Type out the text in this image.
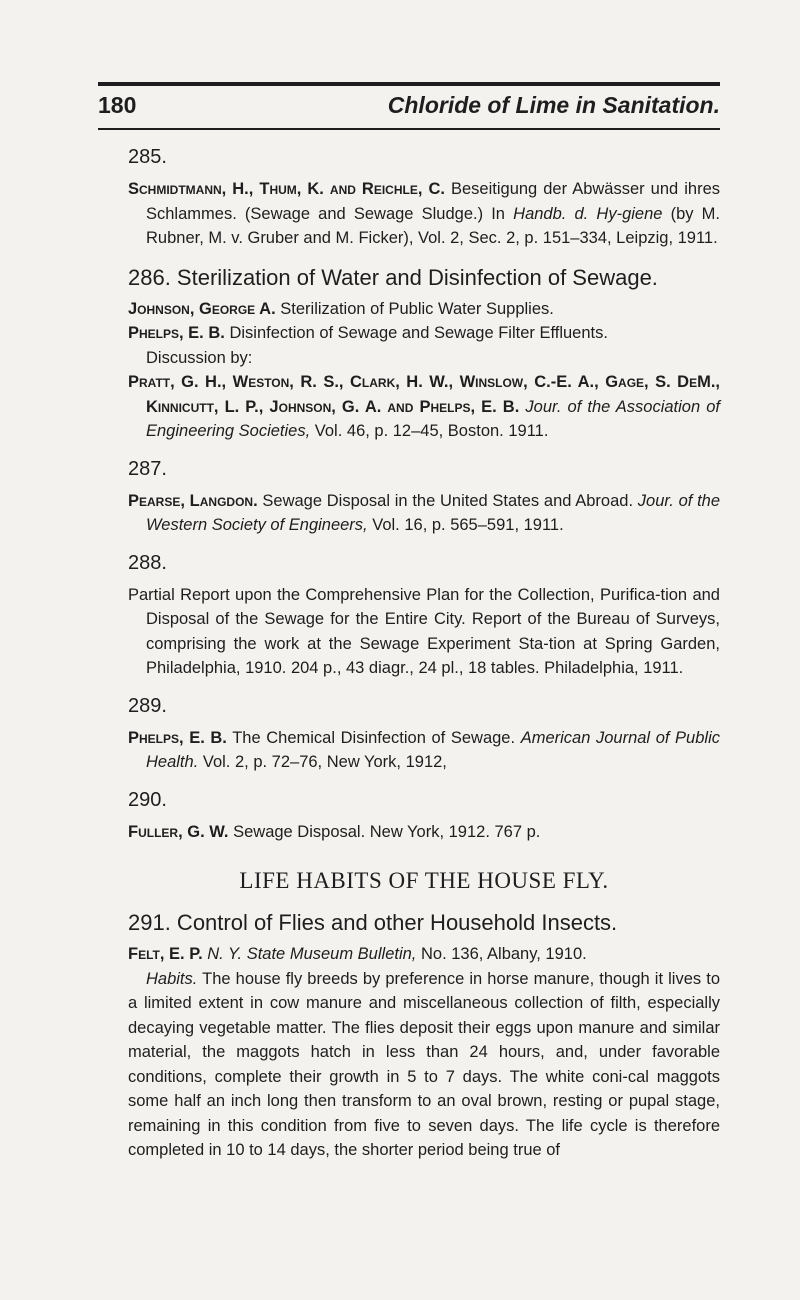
180	Chloride of Lime in Sanitation.
285.
Schmidtmann, H., Thum, K. and Reichle, C. Beseitigung der Abwässer und ihres Schlammes. (Sewage and Sewage Sludge.) In Handb. d. Hy-giene (by M. Rubner, M. v. Gruber and M. Ficker), Vol. 2, Sec. 2, p. 151–334, Leipzig, 1911.
286. Sterilization of Water and Disinfection of Sewage.
Johnson, George A. Sterilization of Public Water Supplies.
Phelps, E. B. Disinfection of Sewage and Sewage Filter Effluents.
Discussion by:
Pratt, G. H., Weston, R. S., Clark, H. W., Winslow, C.-E. A., Gage, S. DeM., Kinnicutt, L. P., Johnson, G. A. and Phelps, E. B. Jour. of the Association of Engineering Societies, Vol. 46, p. 12–45, Boston. 1911.
287.
Pearse, Langdon. Sewage Disposal in the United States and Abroad. Jour. of the Western Society of Engineers, Vol. 16, p. 565–591, 1911.
288.
Partial Report upon the Comprehensive Plan for the Collection, Purifica-tion and Disposal of the Sewage for the Entire City. Report of the Bureau of Surveys, comprising the work at the Sewage Experiment Sta-tion at Spring Garden, Philadelphia, 1910. 204 p., 43 diagr., 24 pl., 18 tables. Philadelphia, 1911.
289.
Phelps, E. B. The Chemical Disinfection of Sewage. American Journal of Public Health. Vol. 2, p. 72–76, New York, 1912,
290.
Fuller, G. W. Sewage Disposal. New York, 1912. 767 p.
LIFE HABITS OF THE HOUSE FLY.
291. Control of Flies and other Household Insects.
Felt, E. P. N. Y. State Museum Bulletin, No. 136, Albany, 1910.
Habits. The house fly breeds by preference in horse manure, though it lives to a limited extent in cow manure and miscellaneous collection of filth, especially decaying vegetable matter. The flies deposit their eggs upon manure and similar material, the maggots hatch in less than 24 hours, and, under favorable conditions, complete their growth in 5 to 7 days. The white coni-cal maggots some half an inch long then transform to an oval brown, resting or pupal stage, remaining in this condition from five to seven days. The life cycle is therefore completed in 10 to 14 days, the shorter period being true of
